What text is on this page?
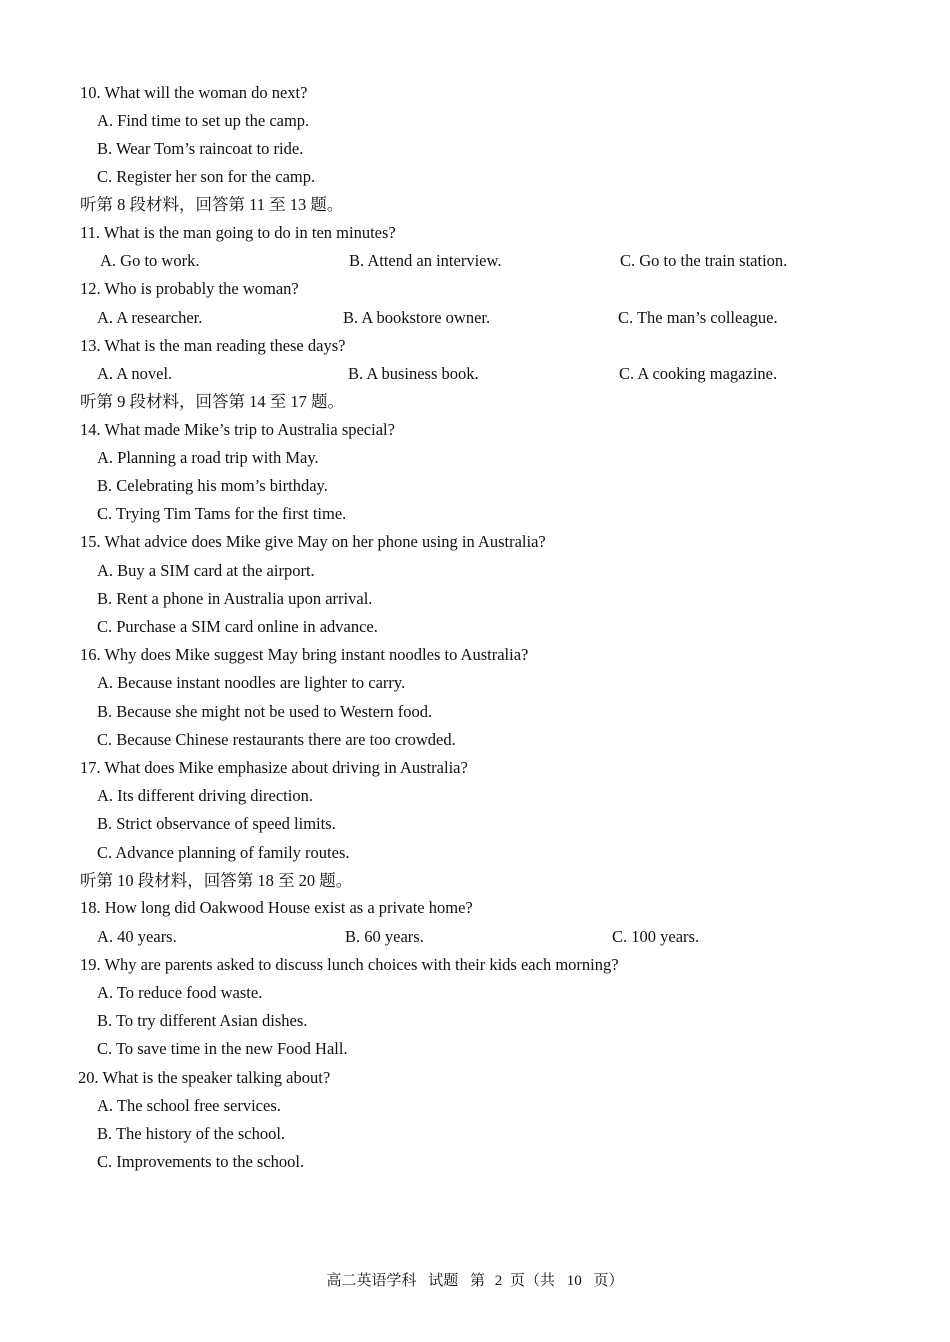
10. What will the woman do next?
A. Find time to set up the camp.
B. Wear Tom’s raincoat to ride.
C. Register her son for the camp.
听第 8 段材料，回答第 11 至 13 题。
11. What is the man going to do in ten minutes?
A. Go to work.	B. Attend an interview.	C. Go to the train station.
12. Who is probably the woman?
A. A researcher.	B. A bookstore owner.	C. The man’s colleague.
13. What is the man reading these days?
A. A novel.	B. A business book.	C. A cooking magazine.
听第 9 段材料，回答第 14 至 17 题。
14. What made Mike’s trip to Australia special?
A. Planning a road trip with May.
B. Celebrating his mom’s birthday.
C. Trying Tim Tams for the first time.
15. What advice does Mike give May on her phone using in Australia?
A. Buy a SIM card at the airport.
B. Rent a phone in Australia upon arrival.
C. Purchase a SIM card online in advance.
16. Why does Mike suggest May bring instant noodles to Australia?
A. Because instant noodles are lighter to carry.
B. Because she might not be used to Western food.
C. Because Chinese restaurants there are too crowded.
17. What does Mike emphasize about driving in Australia?
A. Its different driving direction.
B. Strict observance of speed limits.
C. Advance planning of family routes.
听第 10 段材料，回答第 18 至 20 题。
18. How long did Oakwood House exist as a private home?
A. 40 years.	B. 60 years.	C. 100 years.
19. Why are parents asked to discuss lunch choices with their kids each morning?
A. To reduce food waste.
B. To try different Asian dishes.
C. To save time in the new Food Hall.
20. What is the speaker talking about?
A. The school free services.
B. The history of the school.
C. Improvements to the school.
高二英语学科 试题 第 2 页（共 10 页）
